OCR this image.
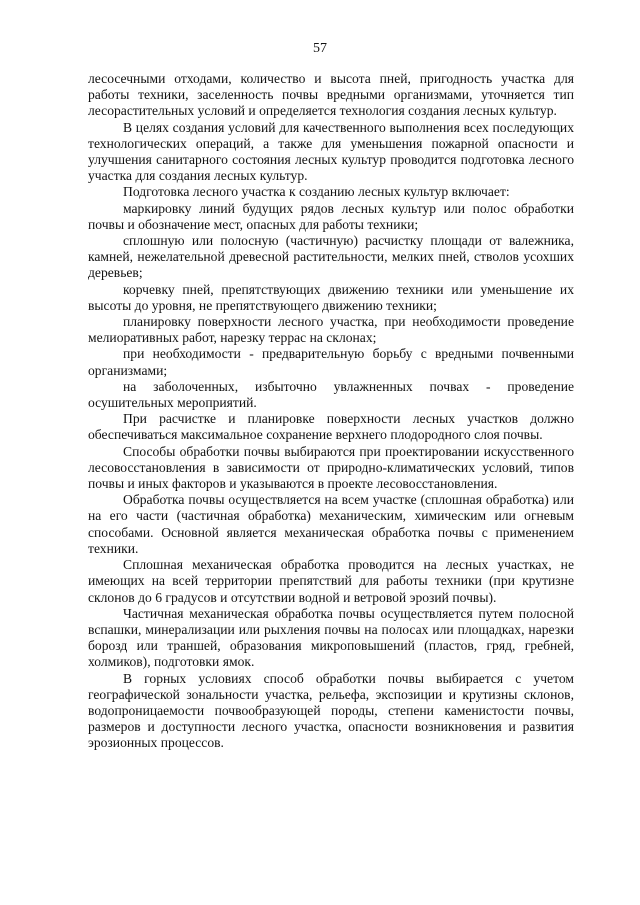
57

лесосечными отходами, количество и высота пней, пригодность участка для работы техники, заселенность почвы вредными организмами, уточняется тип лесорастительных условий и определяется технология создания лесных культур.

В целях создания условий для качественного выполнения всех последующих технологических операций, а также для уменьшения пожарной опасности и улучшения санитарного состояния лесных культур проводится подготовка лесного участка для создания лесных культур.

Подготовка лесного участка к созданию лесных культур включает:

маркировку линий будущих рядов лесных культур или полос обработки почвы и обозначение мест, опасных для работы техники;

сплошную или полосную (частичную) расчистку площади от валежника, камней, нежелательной древесной растительности, мелких пней, стволов усохших деревьев;

корчевку пней, препятствующих движению техники или уменьшение их высоты до уровня, не препятствующего движению техники;

планировку поверхности лесного участка, при необходимости проведение мелиоративных работ, нарезку террас на склонах;

при необходимости - предварительную борьбу с вредными почвенными организмами;

на заболоченных, избыточно увлажненных почвах - проведение осушительных мероприятий.

При расчистке и планировке поверхности лесных участков должно обеспечиваться максимальное сохранение верхнего плодородного слоя почвы.

Способы обработки почвы выбираются при проектировании искусственного лесовосстановления в зависимости от природно-климатических условий, типов почвы и иных факторов и указываются в проекте лесовосстановления.

Обработка почвы осуществляется на всем участке (сплошная обработка) или на его части (частичная обработка) механическим, химическим или огневым способами. Основной является механическая обработка почвы с применением техники.

Сплошная механическая обработка проводится на лесных участках, не имеющих на всей территории препятствий для работы техники (при крутизне склонов до 6 градусов и отсутствии водной и ветровой эрозий почвы).

Частичная механическая обработка почвы осуществляется путем полосной вспашки, минерализации или рыхления почвы на полосах или площадках, нарезки борозд или траншей, образования микроповышений (пластов, гряд, гребней, холмиков), подготовки ямок.

В горных условиях способ обработки почвы выбирается с учетом географической зональности участка, рельефа, экспозиции и крутизны склонов, водопроницаемости почвообразующей породы, степени каменистости почвы, размеров и доступности лесного участка, опасности возникновения и развития эрозионных процессов.
